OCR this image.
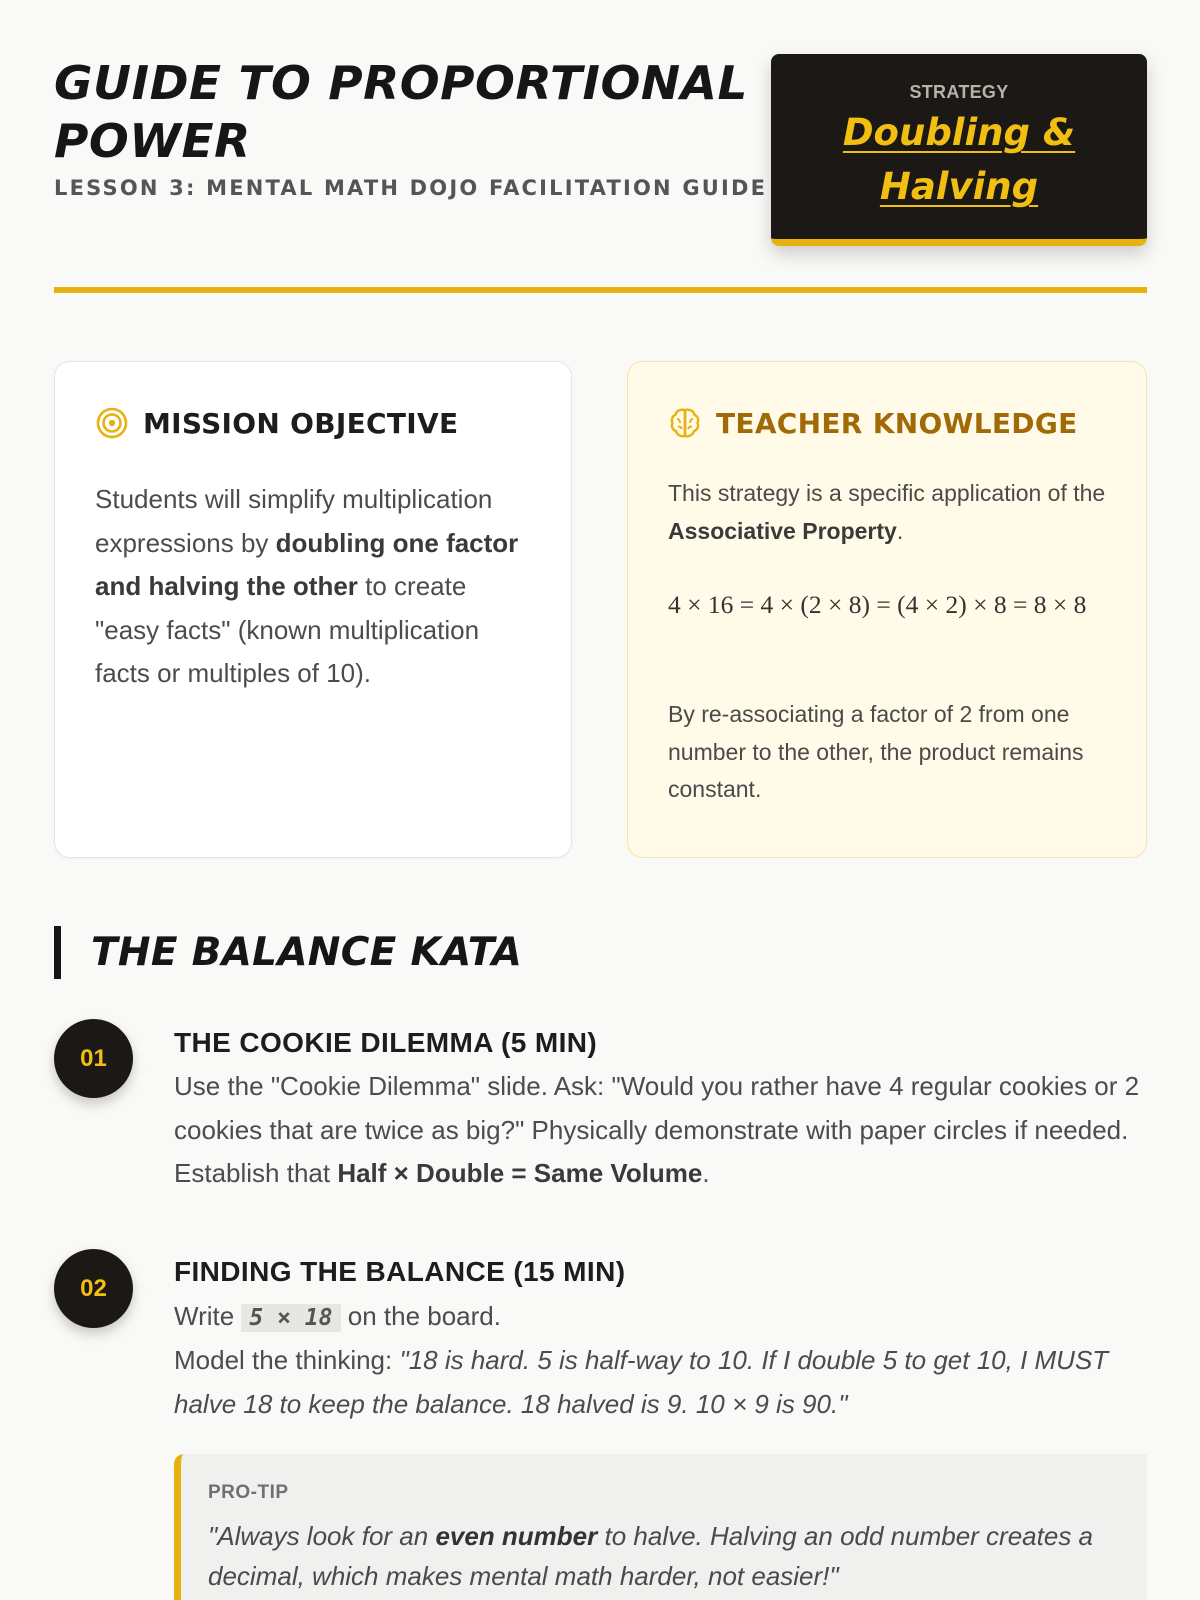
GUIDE TO PROPORTIONAL POWER
LESSON 3: MENTAL MATH DOJO FACILITATION GUIDE
STRATEGY
Doubling & Halving
MISSION OBJECTIVE
Students will simplify multiplication expressions by doubling one factor and halving the other to create "easy facts" (known multiplication facts or multiples of 10).
TEACHER KNOWLEDGE
This strategy is a specific application of the Associative Property.
4 × 16 = 4 × (2 × 8) = (4 × 2) × 8 = 8 × 8
By re-associating a factor of 2 from one number to the other, the product remains constant.
THE BALANCE KATA
01	THE COOKIE DILEMMA (5 MIN)
Use the "Cookie Dilemma" slide. Ask: "Would you rather have 4 regular cookies or 2 cookies that are twice as big?" Physically demonstrate with paper circles if needed. Establish that Half × Double = Same Volume.
02
FINDING THE BALANCE (15 MIN)
Write 5 × 18 on the board.
Model the thinking: "18 is hard. 5 is half-way to 10. If I double 5 to get 10, I MUST halve 18 to keep the balance. 18 halved is 9. 10 × 9 is 90."
PRO-TIP
"Always look for an even number to halve. Halving an odd number creates a decimal, which makes mental math harder, not easier!"
